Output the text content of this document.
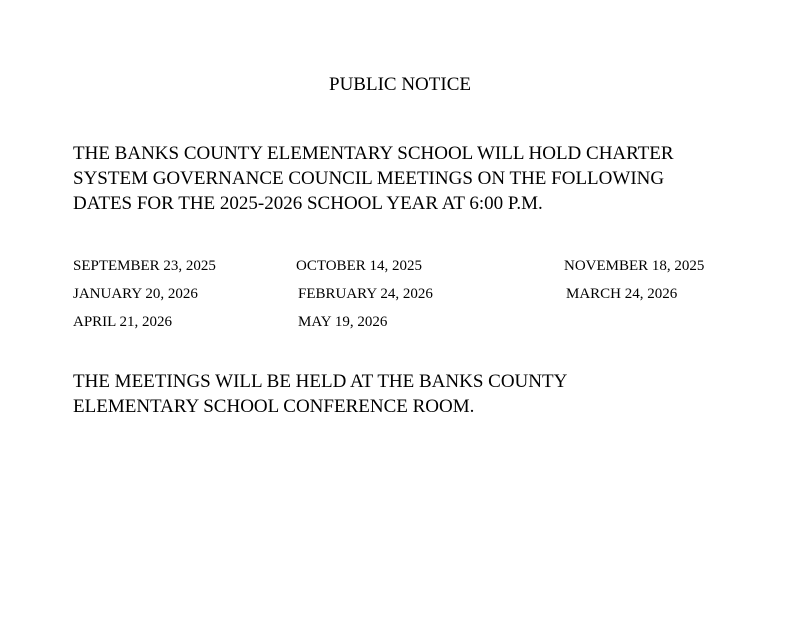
PUBLIC NOTICE
THE BANKS COUNTY ELEMENTARY SCHOOL WILL HOLD CHARTER
SYSTEM GOVERNANCE COUNCIL MEETINGS ON THE FOLLOWING
DATES FOR THE 2025-2026 SCHOOL YEAR AT 6:00 P.M.
SEPTEMBER 23, 2025	OCTOBER 14, 2025	NOVEMBER 18, 2025
JANUARY 20, 2026	FEBRUARY 24, 2026	MARCH 24, 2026
APRIL 21, 2026	MAY 19, 2026
THE MEETINGS WILL BE HELD AT THE BANKS COUNTY
ELEMENTARY SCHOOL CONFERENCE ROOM.
